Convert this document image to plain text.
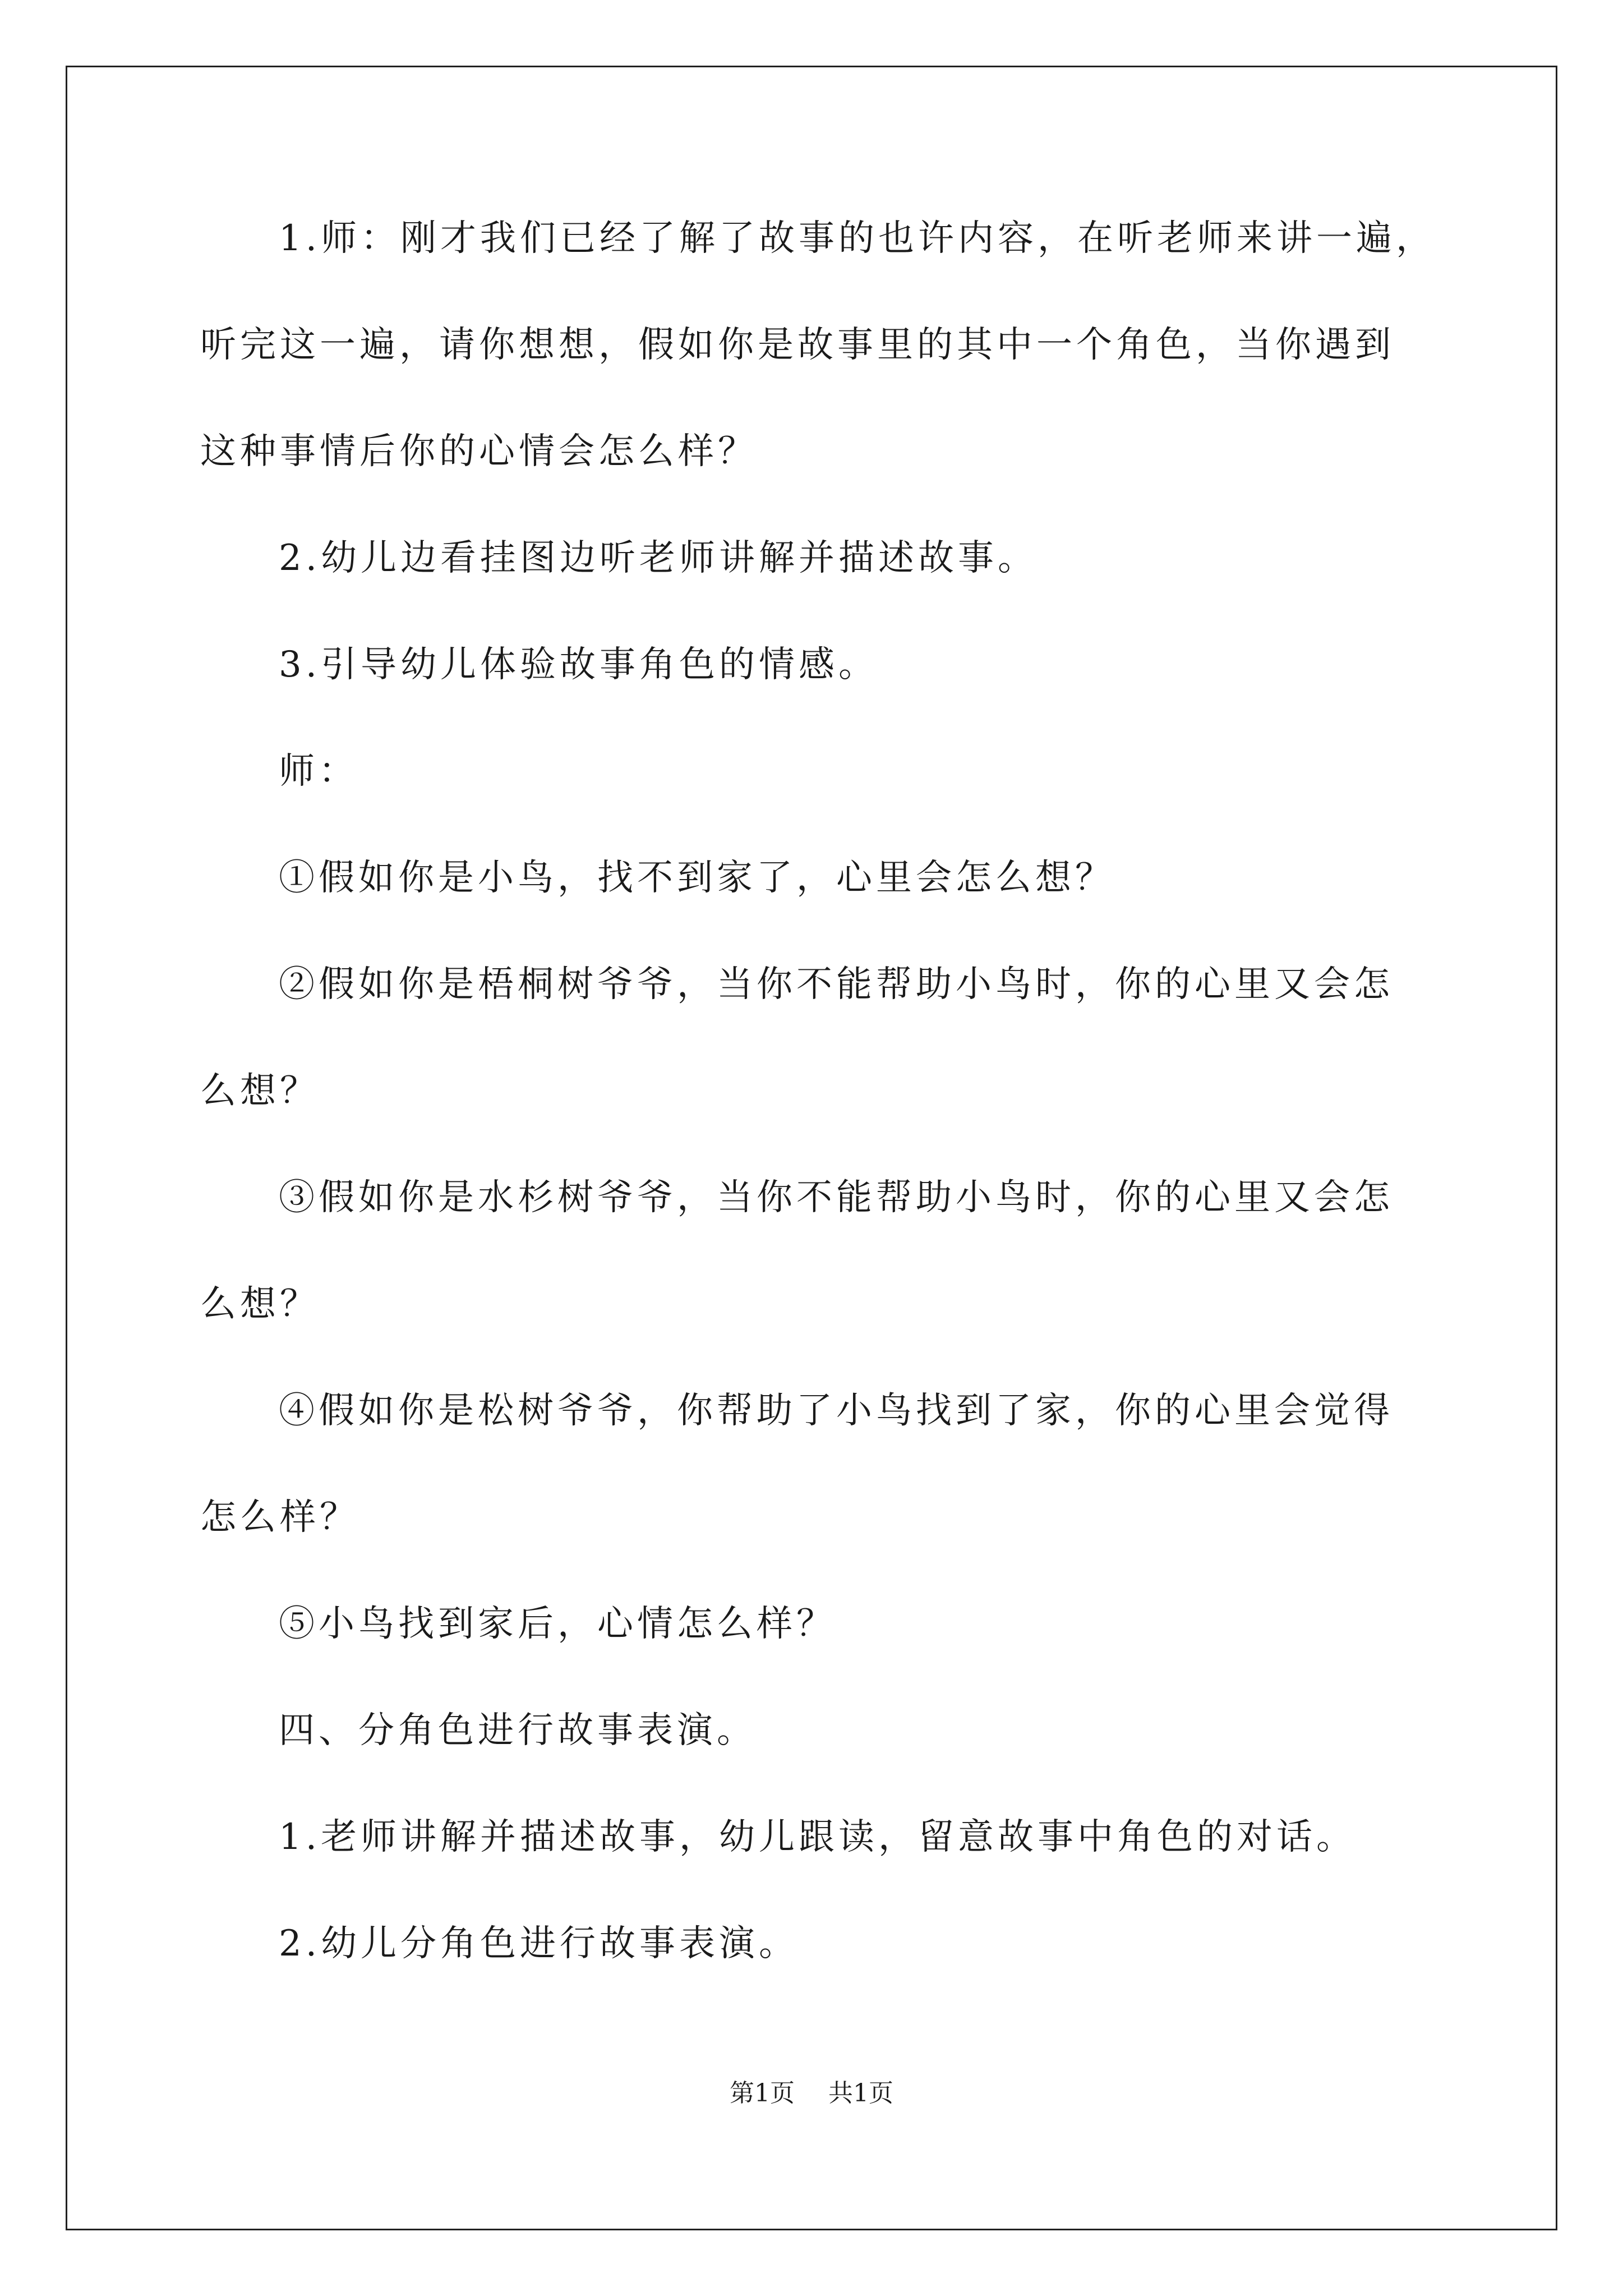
1.师：刚才我们已经了解了故事的也许内容，在听老师来讲一遍，
听完这一遍，请你想想，假如你是故事里的其中一个角色，当你遇到
这种事情后你的心情会怎么样？
2.幼儿边看挂图边听老师讲解并描述故事。
3.引导幼儿体验故事角色的情感。
师：
①假如你是小鸟，找不到家了，心里会怎么想？
②假如你是梧桐树爷爷，当你不能帮助小鸟时，你的心里又会怎
么想？
③假如你是水杉树爷爷，当你不能帮助小鸟时，你的心里又会怎
么想？
④假如你是松树爷爷，你帮助了小鸟找到了家，你的心里会觉得
怎么样？
⑤小鸟找到家后，心情怎么样？
四、分角色进行故事表演。
1.老师讲解并描述故事，幼儿跟读，留意故事中角色的对话。
2.幼儿分角色进行故事表演。
第1页 共1页
